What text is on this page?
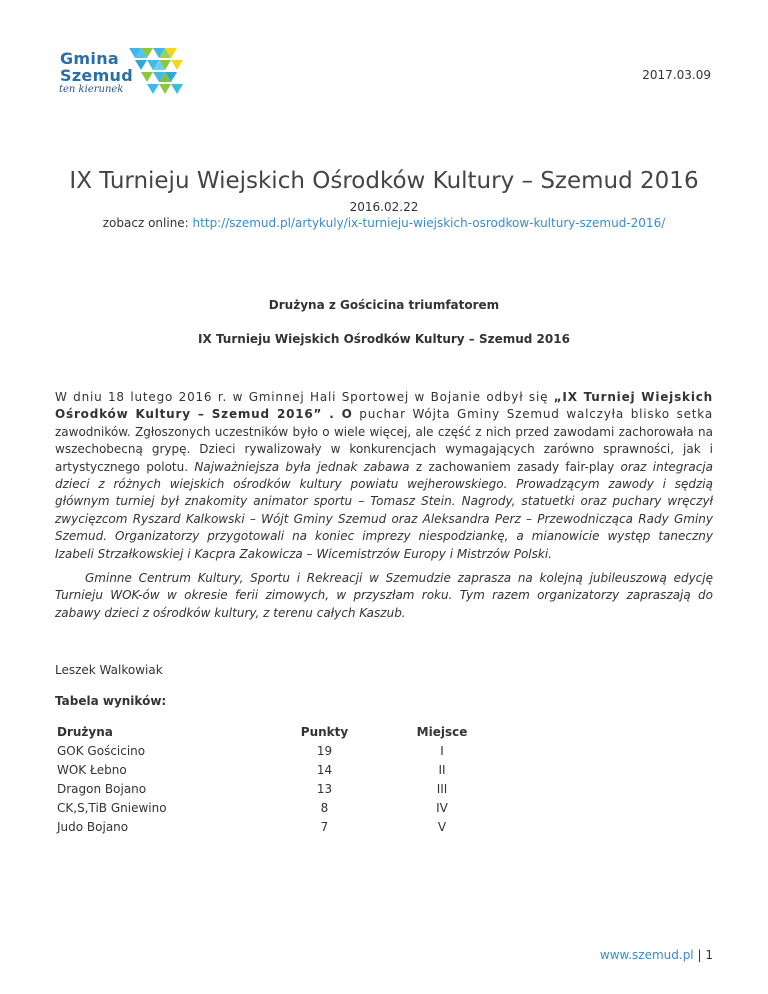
Gmina
Szemud
ten kierunek
2017.03.09
IX Turnieju Wiejskich Ośrodków Kultury – Szemud 2016
2016.02.22
zobacz online: http://szemud.pl/artykuly/ix-turnieju-wiejskich-osrodkow-kultury-szemud-2016/
Drużyna z Gościcina triumfatorem
IX Turnieju Wiejskich Ośrodków Kultury – Szemud 2016
W dniu 18 lutego 2016 r. w Gminnej Hali Sportowej w Bojanie odbył się „IX Turniej Wiejskich Ośrodków Kultury – Szemud 2016” . O puchar Wójta Gminy Szemud walczyła blisko setka zawodników. Zgłoszonych uczestników było o wiele więcej, ale część z nich przed zawodami zachorowała na wszechobecną grypę. Dzieci rywalizowały w konkurencjach wymagających zarówno sprawności, jak i artystycznego polotu. Najważniejsza była jednak zabawa z zachowaniem zasady fair-play oraz integracja dzieci z różnych wiejskich ośrodków kultury powiatu wejherowskiego. Prowadzącym zawody i sędzią głównym turniej był znakomity animator sportu – Tomasz Stein. Nagrody, statuetki oraz puchary wręczył zwycięzcom Ryszard Kalkowski – Wójt Gminy Szemud oraz Aleksandra Perz – Przewodnicząca Rady Gminy Szemud. Organizatorzy przygotowali na koniec imprezy niespodziankę, a mianowicie występ taneczny Izabeli Strzałkowskiej i Kacpra Zakowicza – Wicemistrzów Europy i Mistrzów Polski.
Gminne Centrum Kultury, Sportu i Rekreacji w Szemudzie zaprasza na kolejną jubileuszową edycję Turnieju WOK-ów w okresie ferii zimowych, w przyszłam roku. Tym razem organizatorzy zapraszają do zabawy dzieci z ośrodków kultury, z terenu całych Kaszub.
Leszek Walkowiak
Tabela wyników:
Drużyna	Punkty	Miejsce
GOK Gościcino	19	I
WOK Łebno	14	II
Dragon Bojano	13	III
CK,S,TiB Gniewino	8	IV
Judo Bojano	7	V
www.szemud.pl | 1
